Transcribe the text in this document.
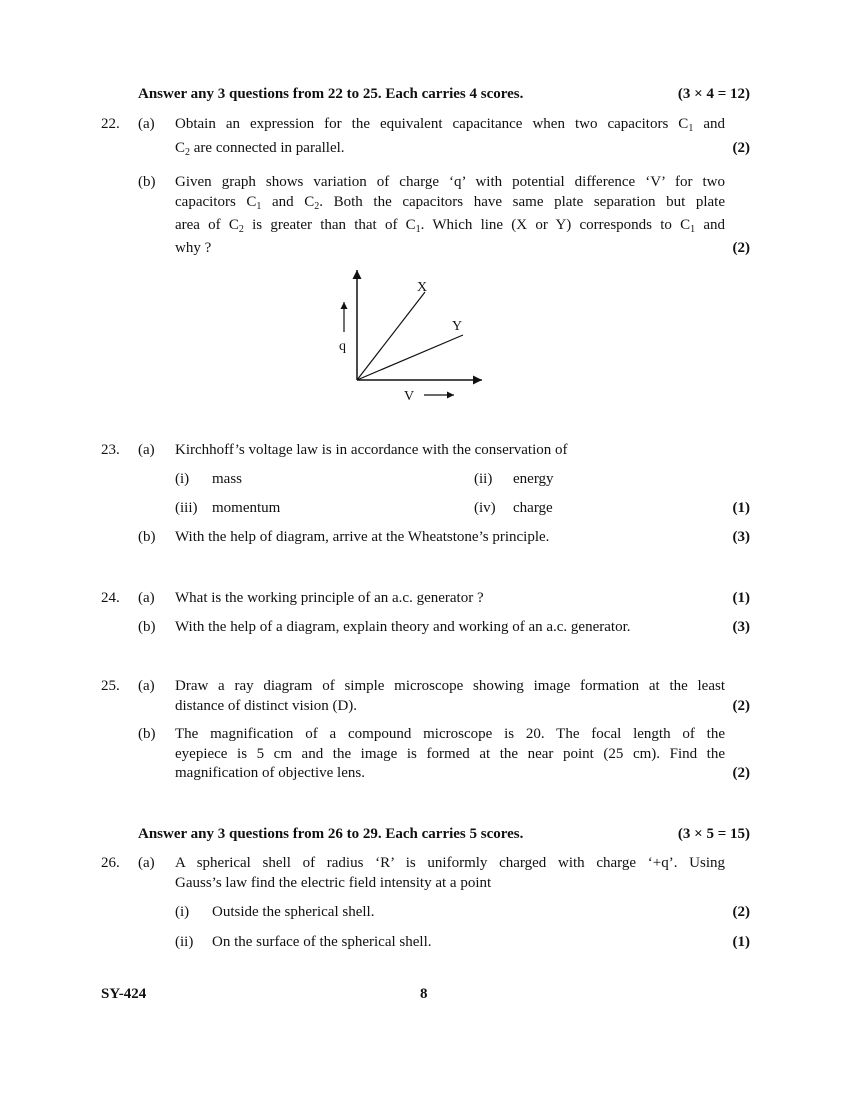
Answer any 3 questions from 22 to 25. Each carries 4 scores.	(3 × 4 = 12)
22. (a) Obtain an expression for the equivalent capacitance when two capacitors $C_1$ and
$C_2$ are connected in parallel.	(2)
(b) Given graph shows variation of charge ‘q’ with potential difference ‘V’ for two
capacitors $C_1$ and $C_2$. Both the capacitors have same plate separation but plate
area of $C_2$ is greater than that of $C_1$. Which line (X or Y) corresponds to $C_1$ and
why ?	(2)
X
Y
q
V
23. (a) Kirchhoff’s voltage law is in accordance with the conservation of
(i) mass	(ii) energy
(iii) momentum	(iv) charge	(1)
(b) With the help of diagram, arrive at the Wheatstone’s principle.	(3)
24. (a) What is the working principle of an a.c. generator ?	(1)
(b) With the help of a diagram, explain theory and working of an a.c. generator.	(3)
25. (a) Draw a ray diagram of simple microscope showing image formation at the least
distance of distinct vision (D).	(2)
(b) The magnification of a compound microscope is 20. The focal length of the
eyepiece is 5 cm and the image is formed at the near point (25 cm). Find the
magnification of objective lens.	(2)
Answer any 3 questions from 26 to 29. Each carries 5 scores.	(3 × 5 = 15)
26. (a) A spherical shell of radius ‘R’ is uniformly charged with charge ‘+q’. Using
Gauss’s law find the electric field intensity at a point
(i) Outside the spherical shell.	(2)
(ii) On the surface of the spherical shell.	(1)
SY-424	8
